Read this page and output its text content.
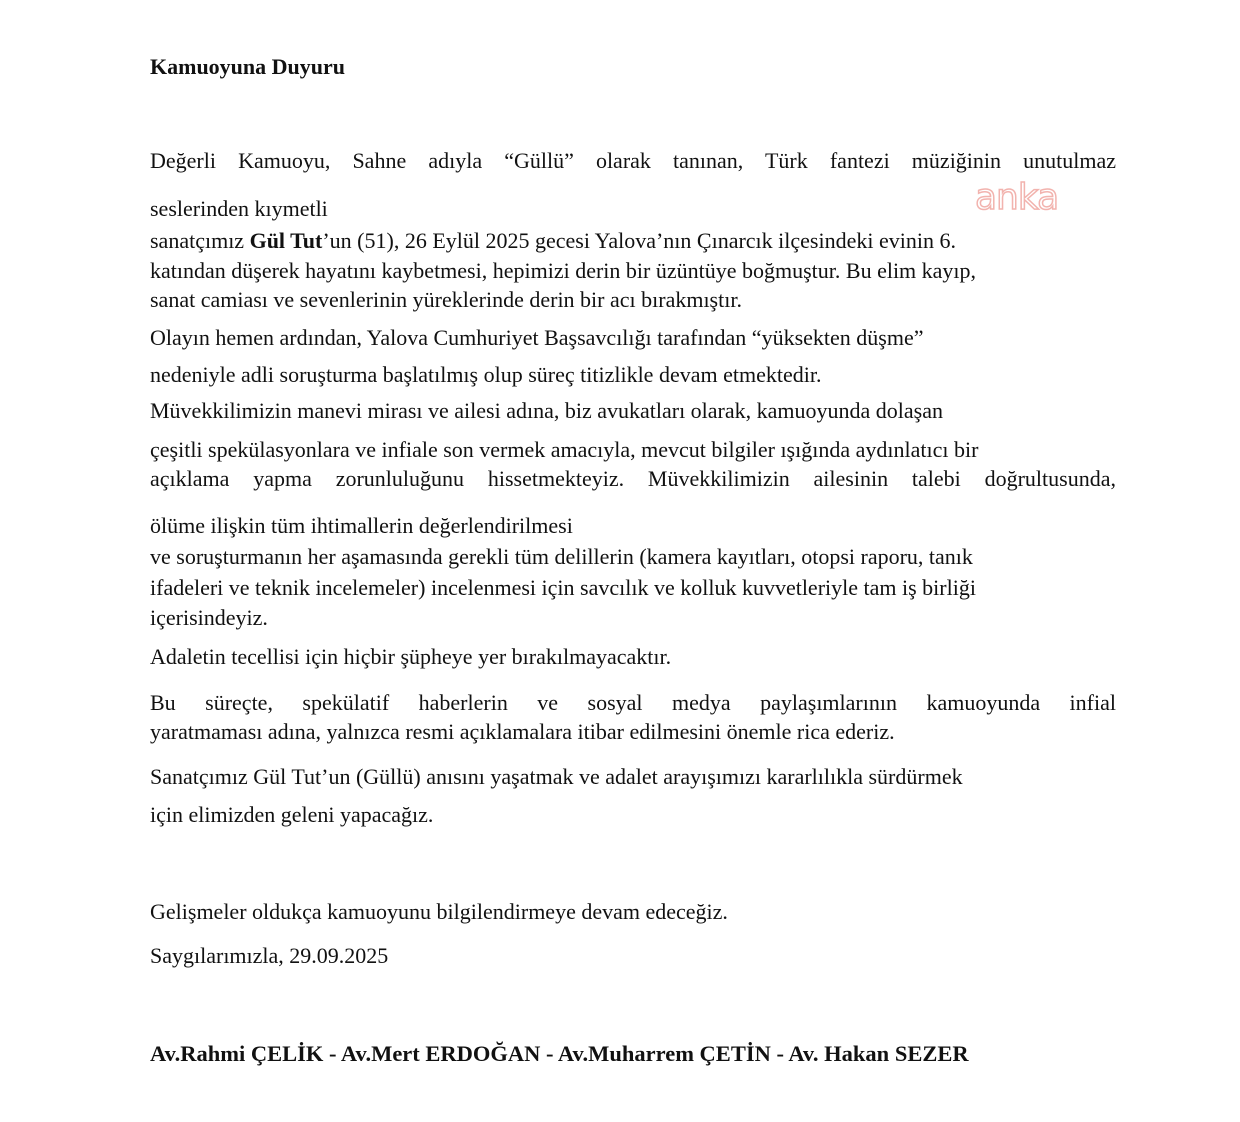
Kamuoyuna Duyuru

anka

Değerli Kamuoyu, Sahne adıyla “Güllü” olarak tanınan, Türk fantezi müziğinin unutulmaz

seslerinden kıymetli

sanatçımız Gül Tut’un (51), 26 Eylül 2025 gecesi Yalova’nın Çınarcık ilçesindeki evinin 6.

katından düşerek hayatını kaybetmesi, hepimizi derin bir üzüntüye boğmuştur. Bu elim kayıp,

sanat camiası ve sevenlerinin yüreklerinde derin bir acı bırakmıştır.

Olayın hemen ardından, Yalova Cumhuriyet Başsavcılığı tarafından “yüksekten düşme”

nedeniyle adli soruşturma başlatılmış olup süreç titizlikle devam etmektedir.

Müvekkilimizin manevi mirası ve ailesi adına, biz avukatları olarak, kamuoyunda dolaşan

çeşitli spekülasyonlara ve infiale son vermek amacıyla, mevcut bilgiler ışığında aydınlatıcı bir

açıklama yapma zorunluluğunu hissetmekteyiz. Müvekkilimizin ailesinin talebi doğrultusunda,

ölüme ilişkin tüm ihtimallerin değerlendirilmesi

ve soruşturmanın her aşamasında gerekli tüm delillerin (kamera kayıtları, otopsi raporu, tanık

ifadeleri ve teknik incelemeler) incelenmesi için savcılık ve kolluk kuvvetleriyle tam iş birliği

içerisindeyiz.

Adaletin tecellisi için hiçbir şüpheye yer bırakılmayacaktır.

Bu süreçte, spekülatif haberlerin ve sosyal medya paylaşımlarının kamuoyunda infial

yaratmaması adına, yalnızca resmi açıklamalara itibar edilmesini önemle rica ederiz.

Sanatçımız Gül Tut’un (Güllü) anısını yaşatmak ve adalet arayışımızı kararlılıkla sürdürmek

için elimizden geleni yapacağız.

Gelişmeler oldukça kamuoyunu bilgilendirmeye devam edeceğiz.

Saygılarımızla, 29.09.2025

Av.Rahmi ÇELİK - Av.Mert ERDOĞAN - Av.Muharrem ÇETİN - Av. Hakan SEZER
